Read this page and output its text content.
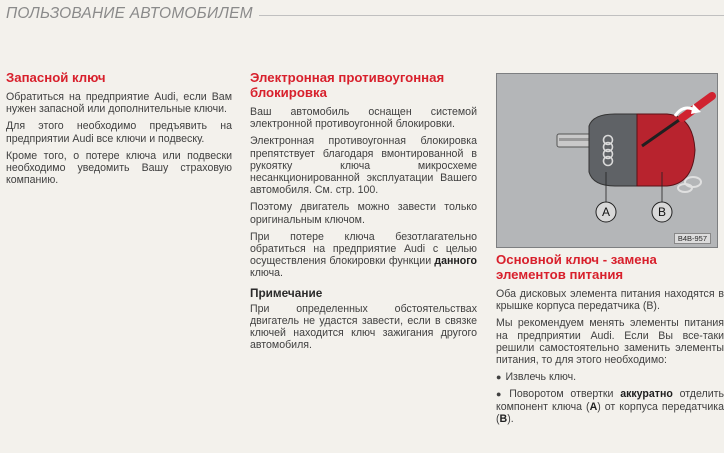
ПОЛЬЗОВАНИЕ АВТОМОБИЛЕМ
Запасной ключ

Обратиться на предприятие Audi, если Вам нужен запасной или дополнительные ключи.

Для этого необходимо предъявить на предприятии Audi все ключи и подвеску.

Кроме того, о потере ключа или подвески необходимо уведомить Вашу страховую компанию.

Электронная противоугонная блокировка

Ваш автомобиль оснащен системой электронной противоугонной блокировки.

Электронная противоугонная блокировка препятствует благодаря вмонтированной в рукоятку ключа микросхеме несанкционированной эксплуатации Вашего автомобиля. См. стр. 100.

Поэтому двигатель можно завести только оригинальным ключом.

При потере ключа безотлагательно обратиться на предприятие Audi с целью осуществления блокировки функции данного ключа.

Примечание

При определенных обстоятельствах двигатель не удастся завести, если в связке ключей находится ключ зажигания другого автомобиля.

A	B
B4B-957
Основной ключ - замена элементов питания

Оба дисковых элемента питания находятся в крышке корпуса передатчика (B).

Мы рекомендуем менять элементы питания на предприятии Audi. Если Вы все-таки решили самостоятельно заменить элементы питания, то для этого необходимо:

● Извлечь ключ.

● Поворотом отвертки аккуратно отделить компонент ключа (А) от корпуса передатчика (В).
